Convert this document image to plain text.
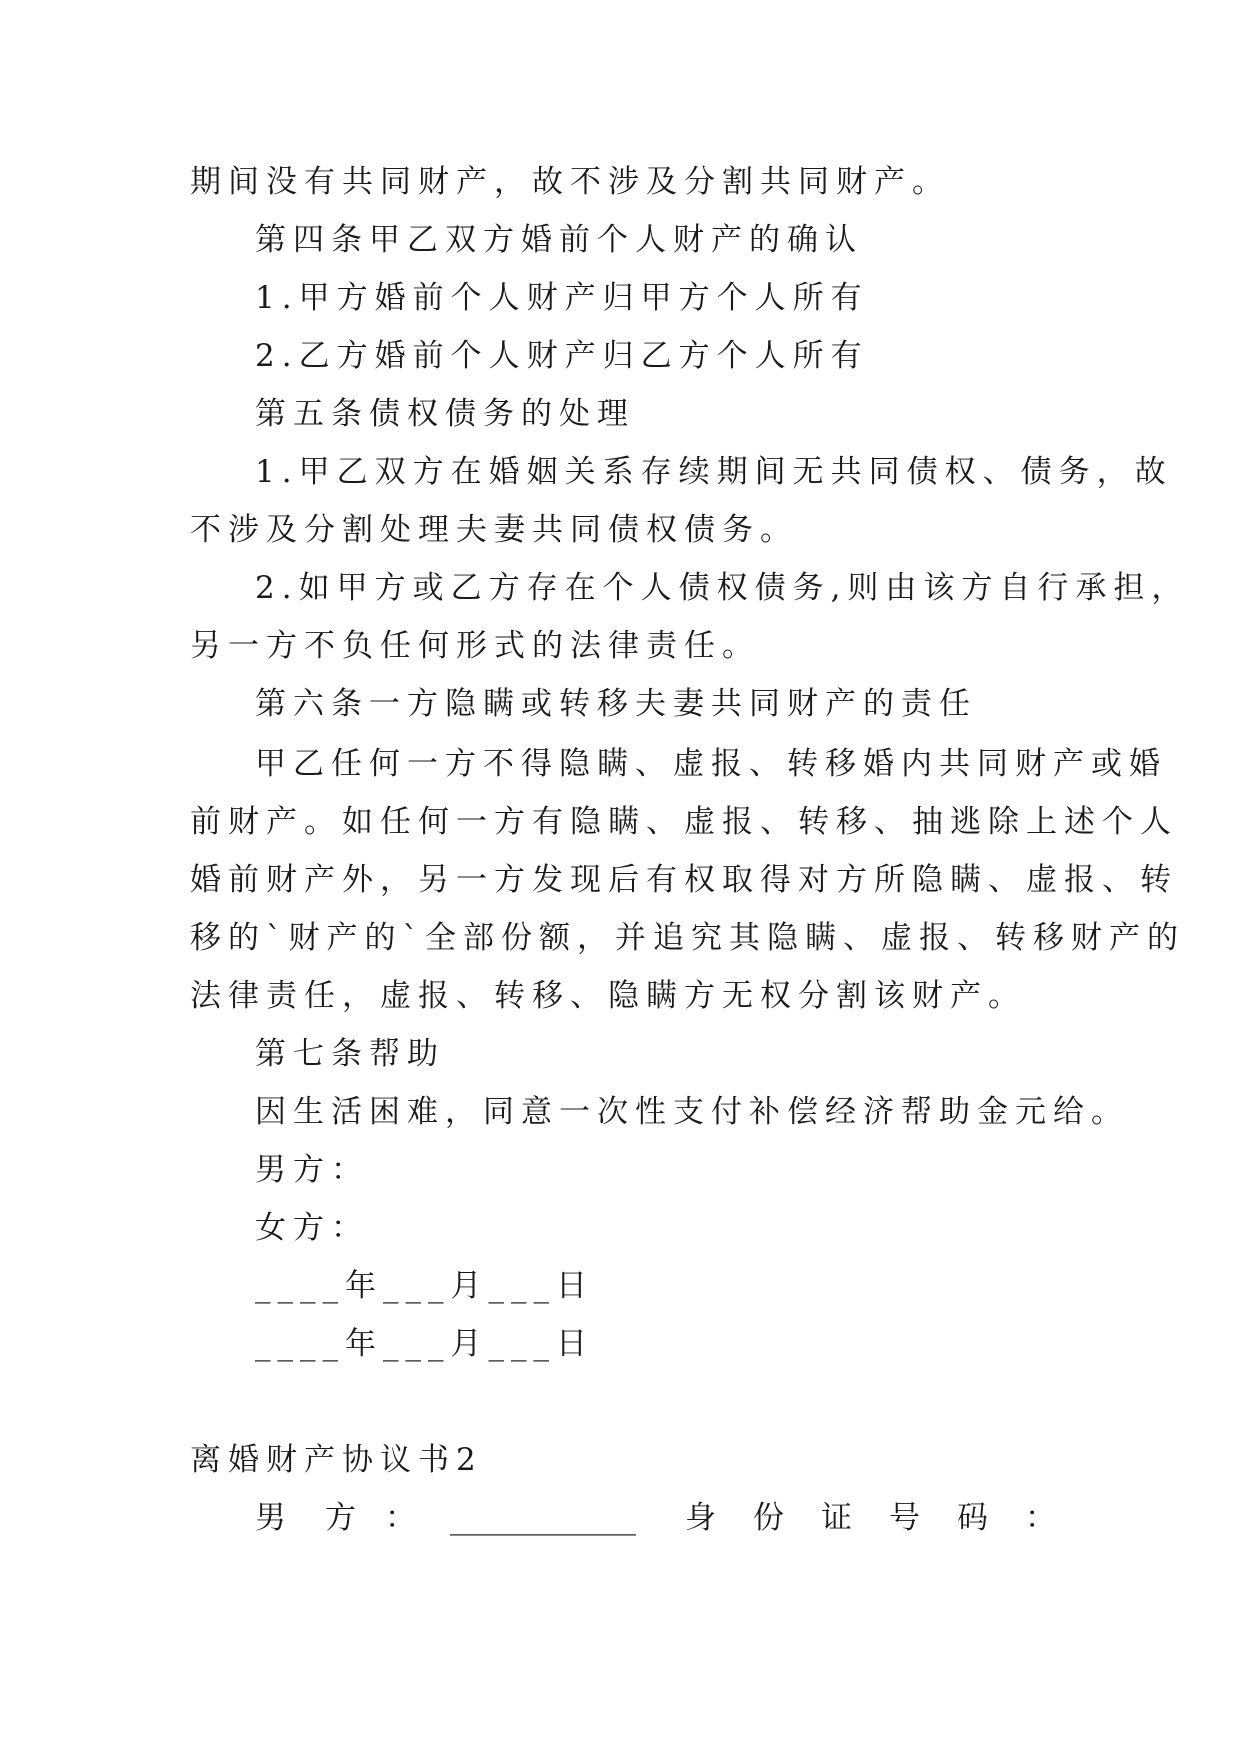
期间没有共同财产，故不涉及分割共同财产。
第四条甲乙双方婚前个人财产的确认
1.甲方婚前个人财产归甲方个人所有
2.乙方婚前个人财产归乙方个人所有
第五条债权债务的处理
1.甲乙双方在婚姻关系存续期间无共同债权、债务，故
不涉及分割处理夫妻共同债权债务。
2.如甲方或乙方存在个人债权债务,则由该方自行承担，
另一方不负任何形式的法律责任。
第六条一方隐瞒或转移夫妻共同财产的责任
甲乙任何一方不得隐瞒、虚报、转移婚内共同财产或婚
前财产。如任何一方有隐瞒、虚报、转移、抽逃除上述个人
婚前财产外，另一方发现后有权取得对方所隐瞒、虚报、转
移的`财产的`全部份额，并追究其隐瞒、虚报、转移财产的
法律责任，虚报、转移、隐瞒方无权分割该财产。
第七条帮助
因生活困难，同意一次性支付补偿经济帮助金元给。
男方：
女方：
____年___月___日
____年___月___日
离婚财产协议书2
男 方 ： ____________ 身 份 证 号 码 ：
